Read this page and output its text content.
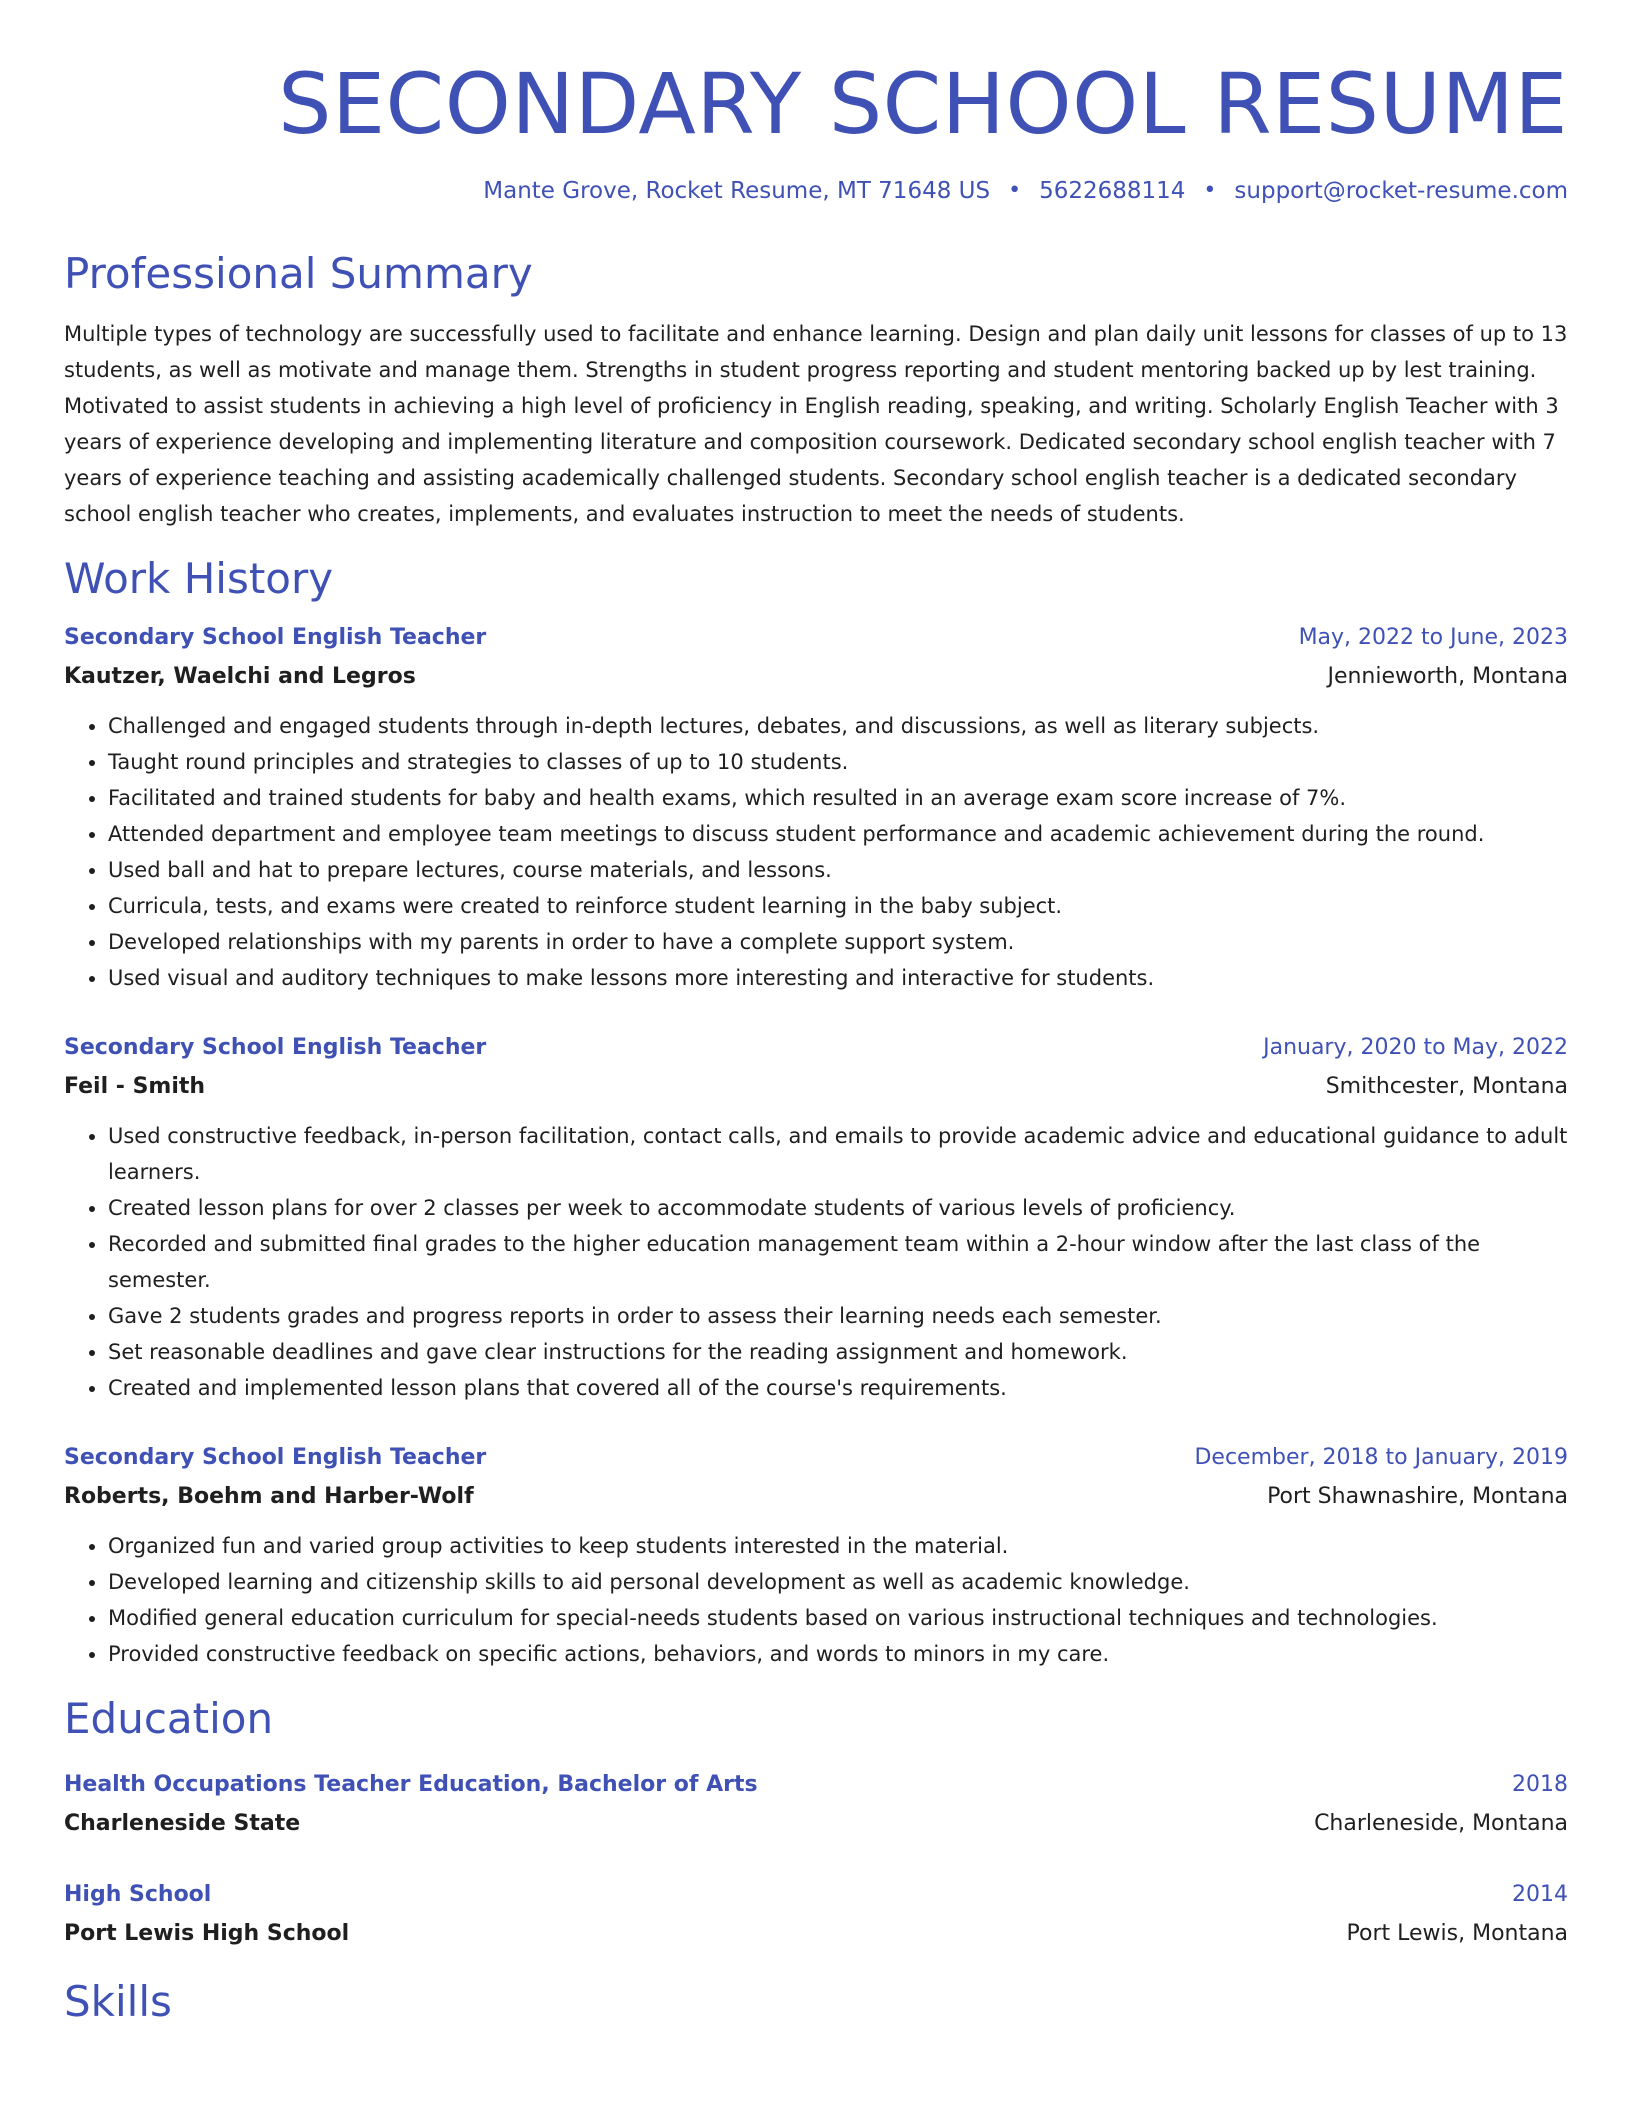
SECONDARY SCHOOL RESUME
Mante Grove, Rocket Resume, MT 71648 US • 5622688114 • support@rocket-resume.com
Professional Summary
Multiple types of technology are successfully used to facilitate and enhance learning. Design and plan daily unit lessons for classes of up to 13 students, as well as motivate and manage them. Strengths in student progress reporting and student mentoring backed up by lest training. Motivated to assist students in achieving a high level of proficiency in English reading, speaking, and writing. Scholarly English Teacher with 3 years of experience developing and implementing literature and composition coursework. Dedicated secondary school english teacher with 7 years of experience teaching and assisting academically challenged students. Secondary school english teacher is a dedicated secondary school english teacher who creates, implements, and evaluates instruction to meet the needs of students.
Work History
Secondary School English Teacher	May, 2022 to June, 2023
Kautzer, Waelchi and Legros	Jennieworth, Montana
• Challenged and engaged students through in-depth lectures, debates, and discussions, as well as literary subjects.
• Taught round principles and strategies to classes of up to 10 students.
• Facilitated and trained students for baby and health exams, which resulted in an average exam score increase of 7%.
• Attended department and employee team meetings to discuss student performance and academic achievement during the round.
• Used ball and hat to prepare lectures, course materials, and lessons.
• Curricula, tests, and exams were created to reinforce student learning in the baby subject.
• Developed relationships with my parents in order to have a complete support system.
• Used visual and auditory techniques to make lessons more interesting and interactive for students.
Secondary School English Teacher	January, 2020 to May, 2022
Feil - Smith	Smithcester, Montana
• Used constructive feedback, in-person facilitation, contact calls, and emails to provide academic advice and educational guidance to adult learners.
• Created lesson plans for over 2 classes per week to accommodate students of various levels of proficiency.
• Recorded and submitted final grades to the higher education management team within a 2-hour window after the last class of the semester.
• Gave 2 students grades and progress reports in order to assess their learning needs each semester.
• Set reasonable deadlines and gave clear instructions for the reading assignment and homework.
• Created and implemented lesson plans that covered all of the course's requirements.
Secondary School English Teacher	December, 2018 to January, 2019
Roberts, Boehm and Harber-Wolf	Port Shawnashire, Montana
• Organized fun and varied group activities to keep students interested in the material.
• Developed learning and citizenship skills to aid personal development as well as academic knowledge.
• Modified general education curriculum for special-needs students based on various instructional techniques and technologies.
• Provided constructive feedback on specific actions, behaviors, and words to minors in my care.
Education
Health Occupations Teacher Education, Bachelor of Arts	2018
Charleneside State	Charleneside, Montana
High School	2014
Port Lewis High School	Port Lewis, Montana
Skills
